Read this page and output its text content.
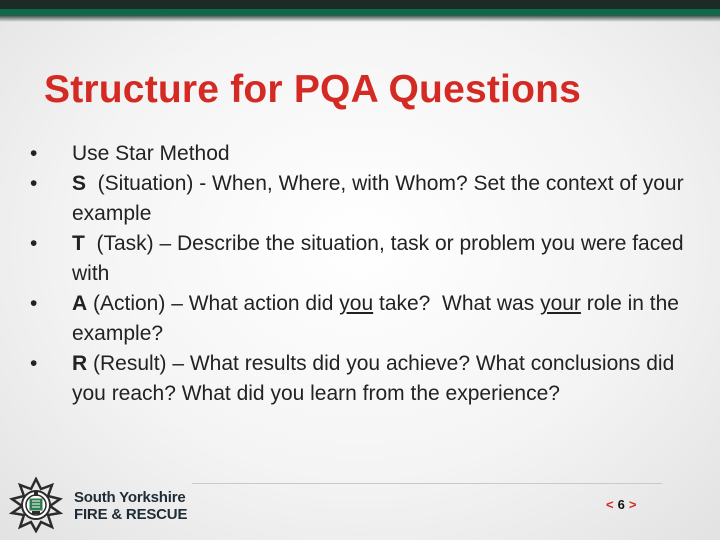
Structure for PQA Questions
• Use Star Method
• S  (Situation) - When, Where, with Whom? Set the context of your example
• T  (Task) – Describe the situation, task or problem you were faced with
• A (Action) – What action did you take?  What was your role in the example?
• R (Result) – What results did you achieve? What conclusions did you reach? What did you learn from the experience?
South Yorkshire
FIRE & RESCUE
< 6 >
